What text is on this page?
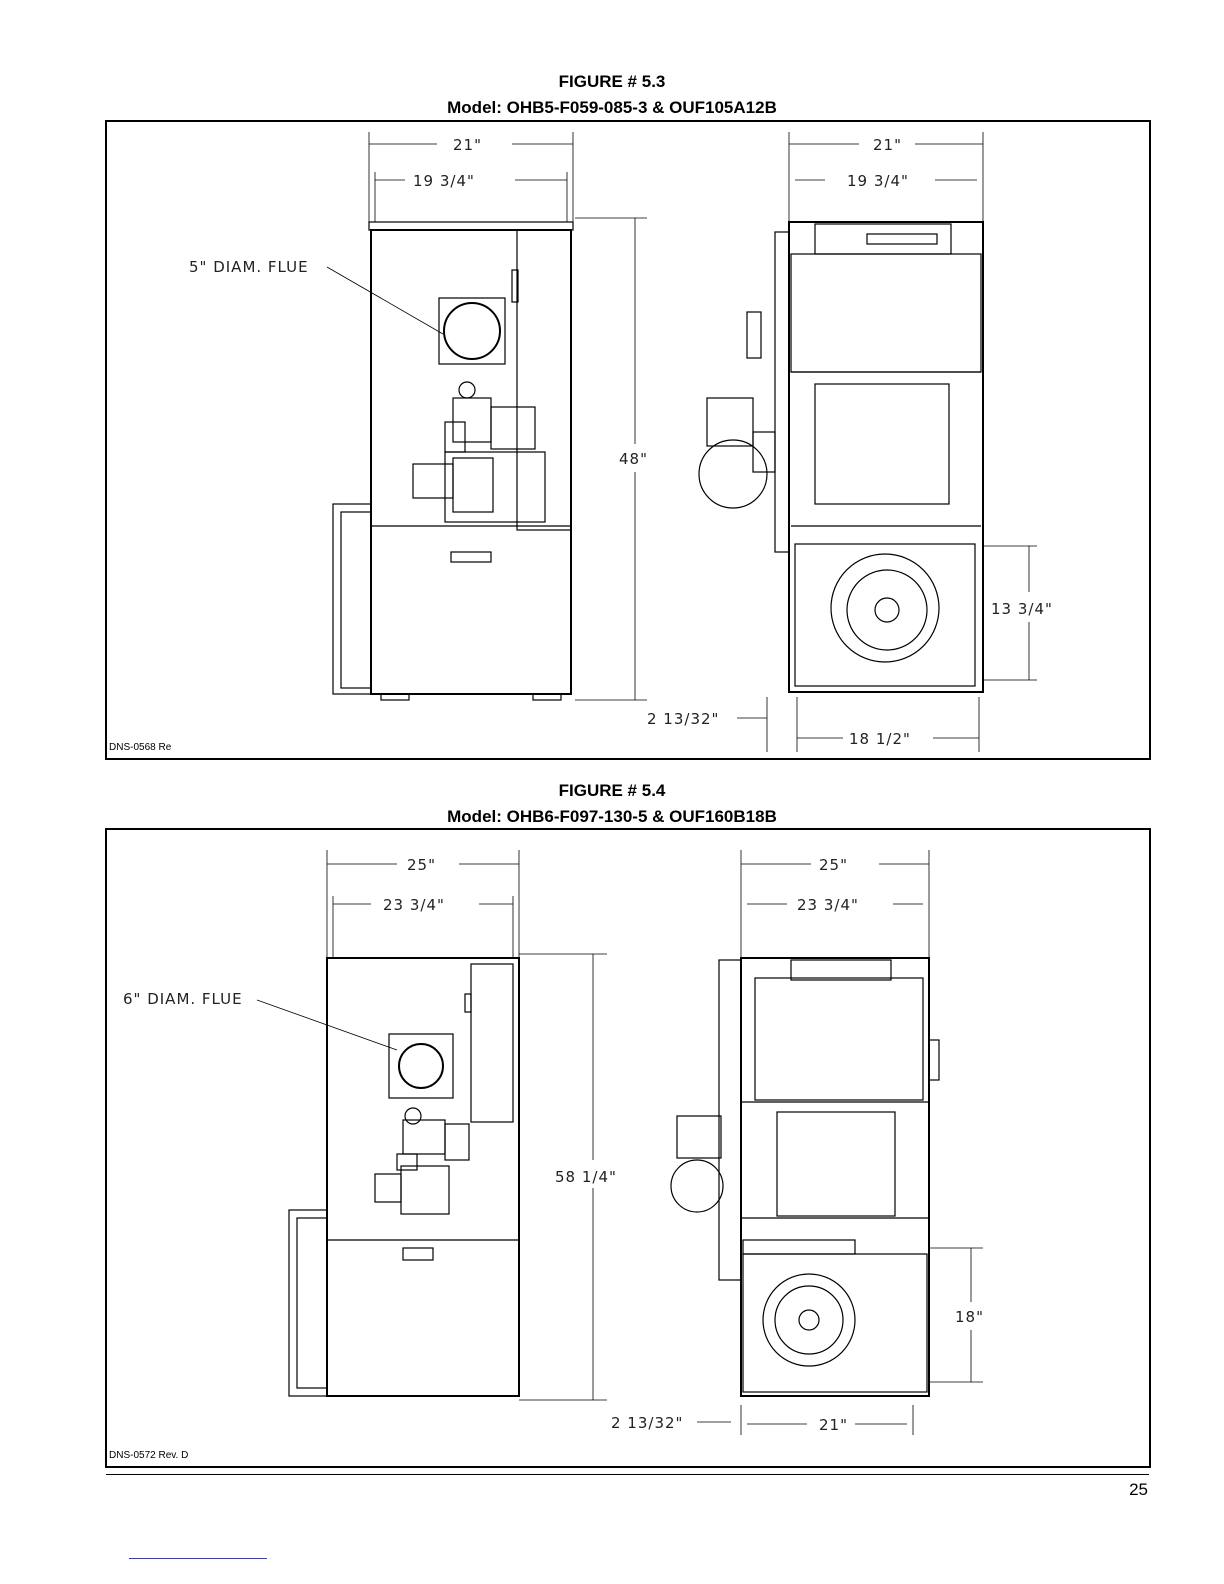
FIGURE # 5.3
Model: OHB5-F059-085-3 & OUF105A12B
21"
19 3/4"
5" DIAM. FLUE
48"
2 13/32"
21"
19 3/4"
13 3/4"
18 1/2"
DNS-0568 Re
FIGURE # 5.4
Model: OHB6-F097-130-5 & OUF160B18B
25"
23 3/4"
6" DIAM. FLUE
58 1/4"
2 13/32"
25"
23 3/4"
18"
21"
DNS-0572 Rev. D
25
